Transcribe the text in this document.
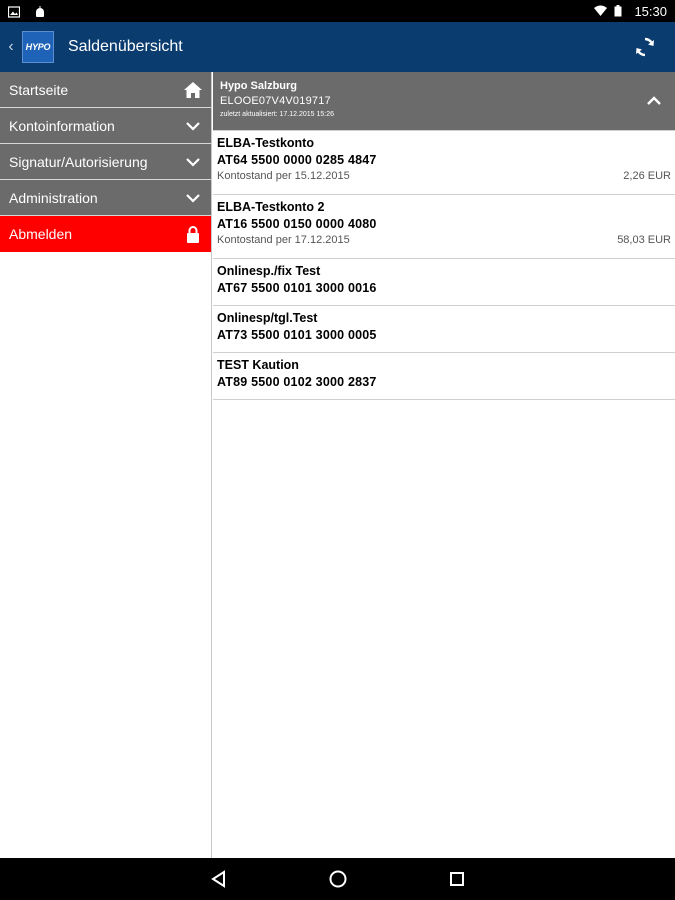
15:30
‹	HYPO Saldenübersicht
Startseite
Kontoinformation
Signatur/Autorisierung
Administration
Abmelden
Hypo Salzburg
ELOOE07V4V019717
zuletzt aktualisiert: 17.12.2015 15:26
ELBA-Testkonto
AT64 5500 0000 0285 4847
Kontostand per 15.12.2015	2,26 EUR
ELBA-Testkonto 2
AT16 5500 0150 0000 4080
Kontostand per 17.12.2015	58,03 EUR
Onlinesp./fix Test
AT67 5500 0101 3000 0016
Onlinesp/tgl.Test
AT73 5500 0101 3000 0005
TEST Kaution
AT89 5500 0102 3000 2837
